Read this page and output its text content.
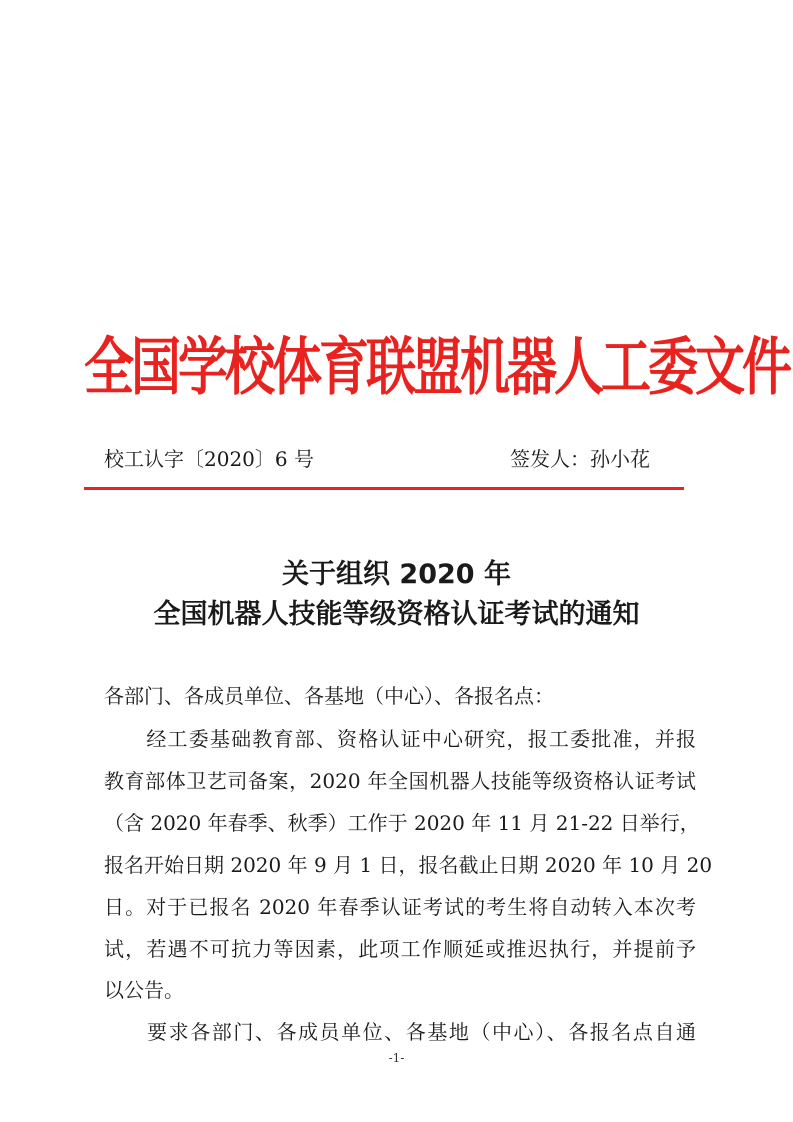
全国学校体育联盟机器人工委文件
校工认字〔2020〕6 号	签发人：孙小花
关于组织 2020 年
全国机器人技能等级资格认证考试的通知
各部门、各成员单位、各基地（中心）、各报名点：
　　经工委基础教育部、资格认证中心研究，报工委批准，并报
教育部体卫艺司备案，2020 年全国机器人技能等级资格认证考试
（含 2020 年春季、秋季）工作于 2020 年 11 月 21-22 日举行，
报名开始日期 2020 年 9 月 1 日，报名截止日期 2020 年 10 月 20
日。对于已报名 2020 年春季认证考试的考生将自动转入本次考
试，若遇不可抗力等因素，此项工作顺延或推迟执行，并提前予
以公告。
　　要求各部门、各成员单位、各基地（中心）、各报名点自通
-1-
